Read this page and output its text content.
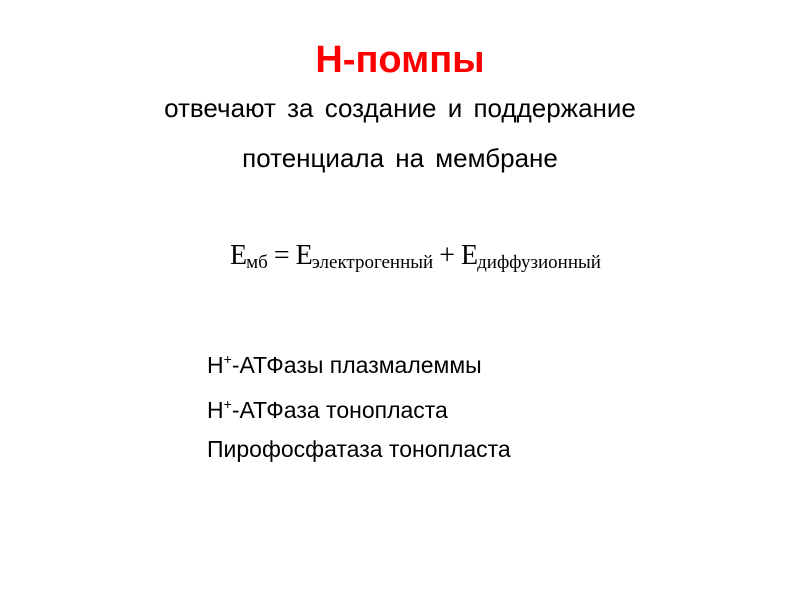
Н-помпы
отвечают за создание и поддержание
потенциала на мембране
$E_{мб} = E_{электрогенный} + E_{диффузионный}$
H+-АТФазы плазмалеммы
H+-АТФаза тонопласта
Пирофосфатаза тонопласта
